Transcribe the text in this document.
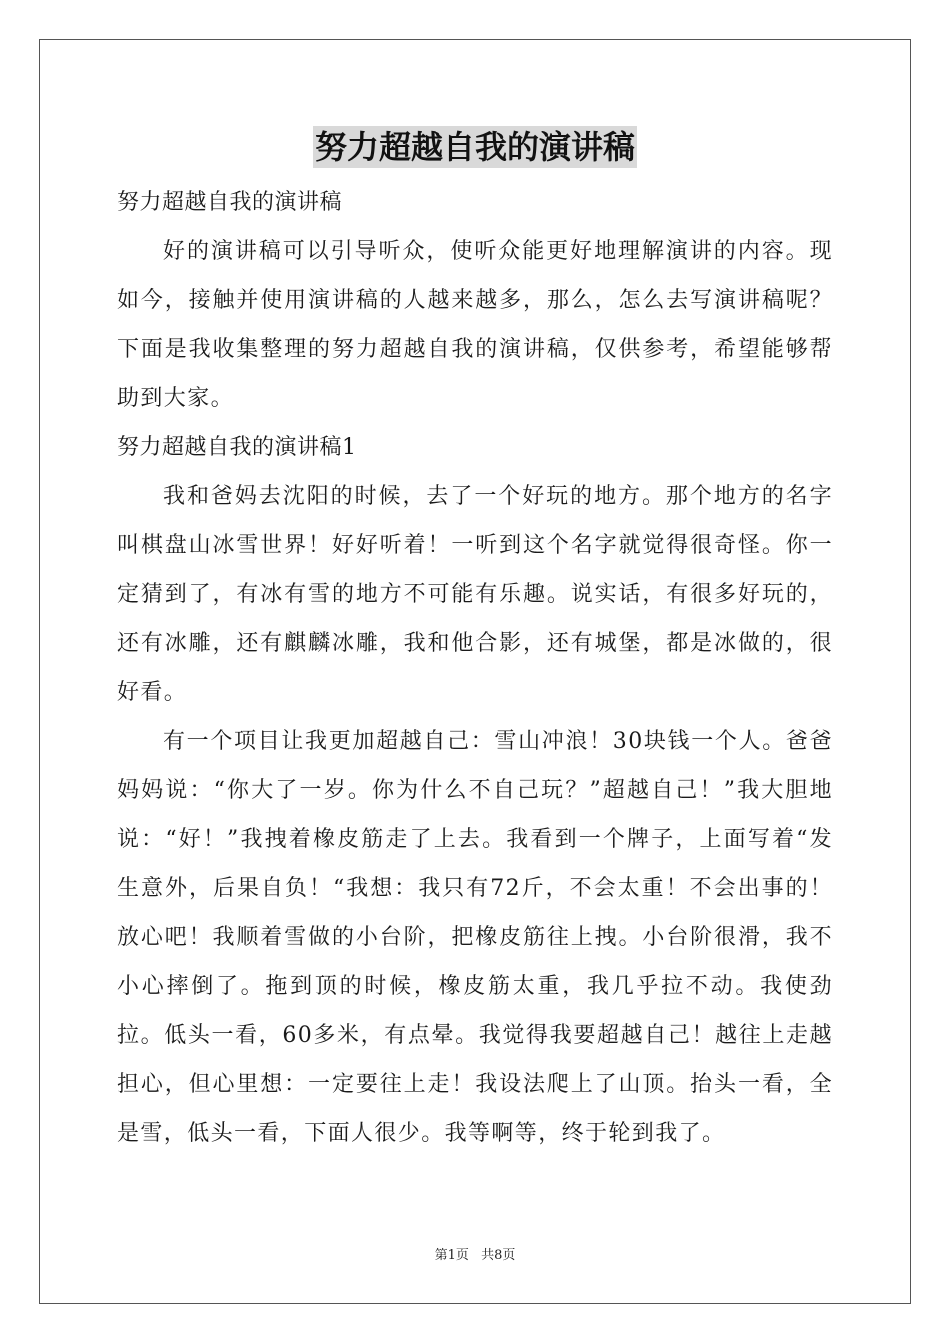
努力超越自我的演讲稿

努力超越自我的演讲稿

好的演讲稿可以引导听众，使听众能更好地理解演讲的内容。现如今，接触并使用演讲稿的人越来越多，那么，怎么去写演讲稿呢？下面是我收集整理的努力超越自我的演讲稿，仅供参考，希望能够帮助到大家。

努力超越自我的演讲稿1

我和爸妈去沈阳的时候，去了一个好玩的地方。那个地方的名字叫棋盘山冰雪世界！好好听着！一听到这个名字就觉得很奇怪。你一定猜到了，有冰有雪的地方不可能有乐趣。说实话，有很多好玩的，还有冰雕，还有麒麟冰雕，我和他合影，还有城堡，都是冰做的，很好看。

有一个项目让我更加超越自己：雪山冲浪！30块钱一个人。爸爸妈妈说：“你大了一岁。你为什么不自己玩？”超越自己！”我大胆地说：“好！”我拽着橡皮筋走了上去。我看到一个牌子，上面写着“发生意外，后果自负！“我想：我只有72斤，不会太重！不会出事的！放心吧！我顺着雪做的小台阶，把橡皮筋往上拽。小台阶很滑，我不小心摔倒了。拖到顶的时候，橡皮筋太重，我几乎拉不动。我使劲拉。低头一看，60多米，有点晕。我觉得我要超越自己！越往上走越担心，但心里想：一定要往上走！我设法爬上了山顶。抬头一看，全是雪，低头一看，下面人很少。我等啊等，终于轮到我了。

第1页 共8页
